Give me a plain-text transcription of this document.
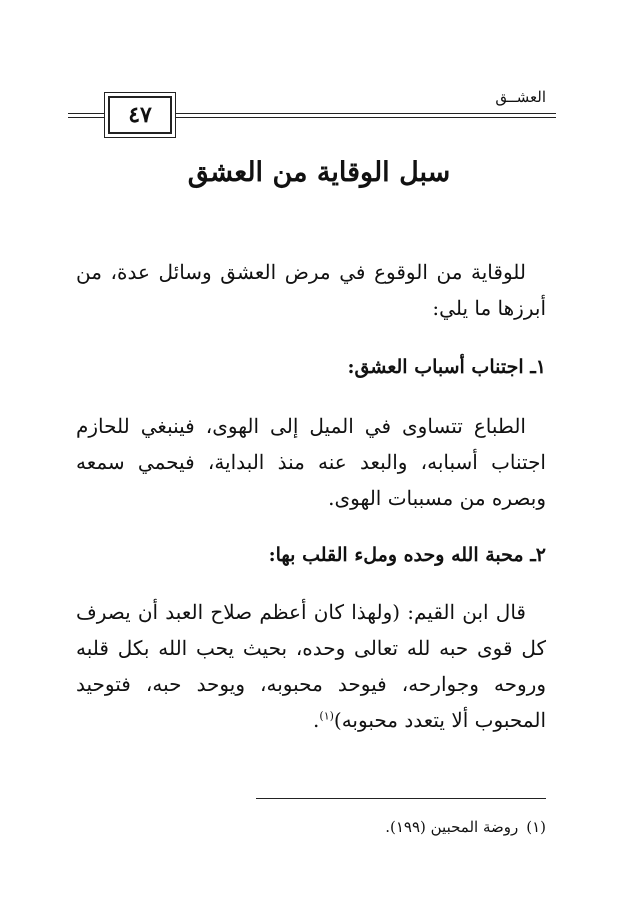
العشــق
٤٧
سبل الوقاية من العشق
للوقاية من الوقوع في مرض العشق وسائل عدة، من أبرزها ما يلي:
١ـ اجتناب أسباب العشق:
الطباع تتساوى في الميل إلى الهوى، فينبغي للحازم اجتناب أسبابه، والبعد عنه منذ البداية، فيحمي سمعه وبصره من مسببات الهوى.
٢ـ محبة الله وحده وملء القلب بها:
قال ابن القيم: (ولهذا كان أعظم صلاح العبد أن يصرف كل قوى حبه لله تعالى وحده، بحيث يحب الله بكل قلبه وروحه وجوارحه، فيوحد محبوبه، ويوحد حبه، فتوحيد المحبوب ألا يتعدد محبوبه)$^{(١)}$.
(١)روضة المحبين (١٩٩).
